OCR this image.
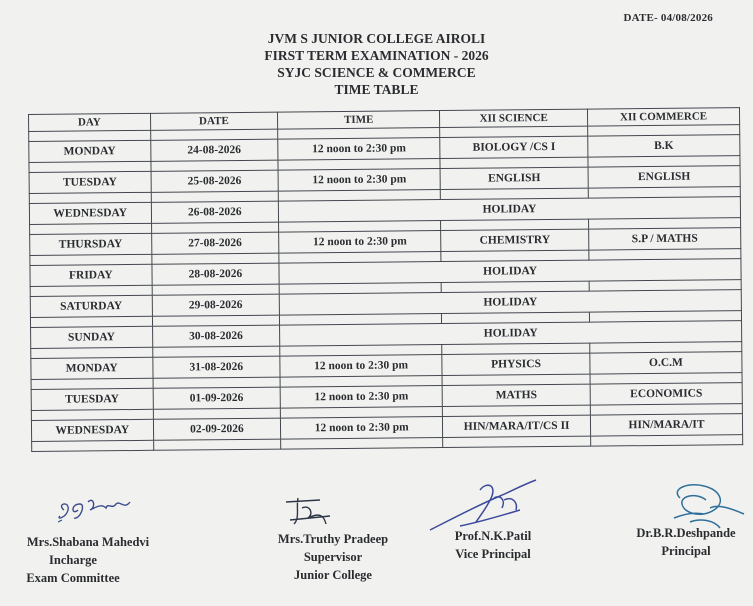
DATE- 04/08/2026
JVM S JUNIOR COLLEGE AIROLI
FIRST TERM EXAMINATION - 2026
SYJC SCIENCE & COMMERCE
TIME TABLE
DAY	DATE	TIME	XII SCIENCE	XII COMMERCE

MONDAY	24-08-2026	12 noon to 2:30 pm	BIOLOGY /CS I	B.K

TUESDAY	25-08-2026	12 noon to 2:30 pm	ENGLISH	ENGLISH

WEDNESDAY	26-08-2026	HOLIDAY		

THURSDAY	27-08-2026	12 noon to 2:30 pm	CHEMISTRY	S.P / MATHS

FRIDAY	28-08-2026	HOLIDAY		

SATURDAY	29-08-2026	HOLIDAY		

SUNDAY	30-08-2026	HOLIDAY		

MONDAY	31-08-2026	12 noon to 2:30 pm	PHYSICS	O.C.M

TUESDAY	01-09-2026	12 noon to 2:30 pm	MATHS	ECONOMICS

WEDNESDAY	02-09-2026	12 noon to 2:30 pm	HIN/MARA/IT/CS II	HIN/MARA/IT

Mrs.Shabana Mahedvi
Incharge
Exam Committee
Mrs.Truthy Pradeep
Supervisor
Junior College
Prof.N.K.Patil
Vice Principal
Dr.B.R.Deshpande
Principal
